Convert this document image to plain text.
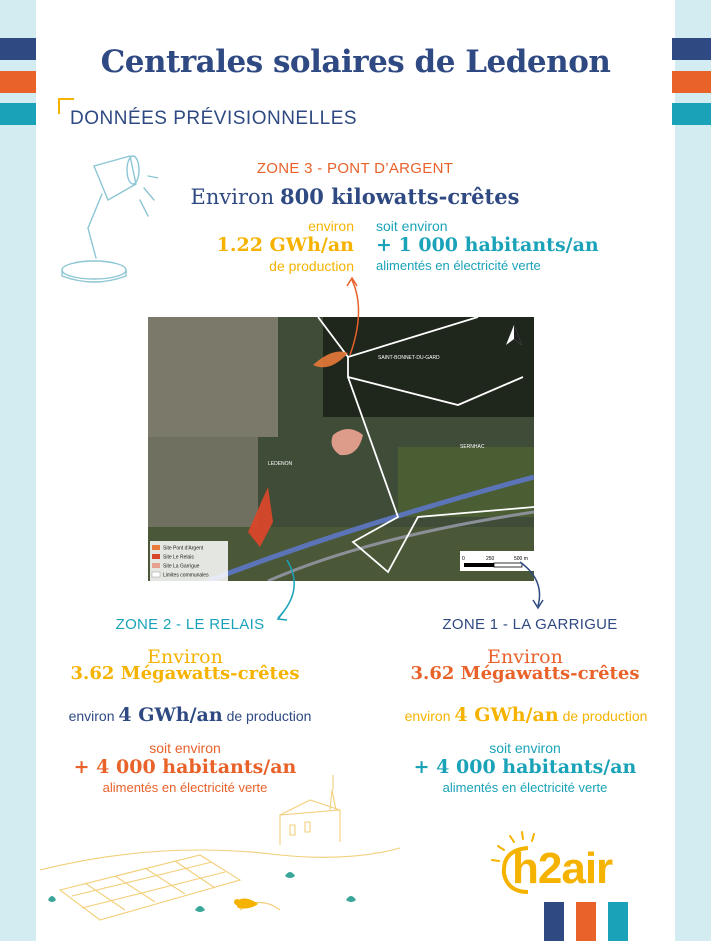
Centrales solaires de Ledenon
DONNÉES PRÉVISIONNELLES
ZONE 3 - PONT D’ARGENT
Environ 800 kilowatts-crêtes
environ
1.22 GWh/an
de production
soit environ
+ 1 000 habitants/an
alimentés en électricité verte
SAINT-BONNET-DU-GARD
LEDENON
SERNHAC
Site Pont d'Argent
Site Le Relais
Site La Garrigue
Limites communales
0	250	500 m
ZONE 2 - LE RELAIS
Environ
3.62 Mégawatts-crêtes
environ 4 GWh/an de production
soit environ
+ 4 000 habitants/an
alimentés en électricité verte
ZONE 1 - LA GARRIGUE
Environ
3.62 Mégawatts-crêtes
environ 4 GWh/an de production
soit environ
+ 4 000 habitants/an
alimentés en électricité verte
h2air
